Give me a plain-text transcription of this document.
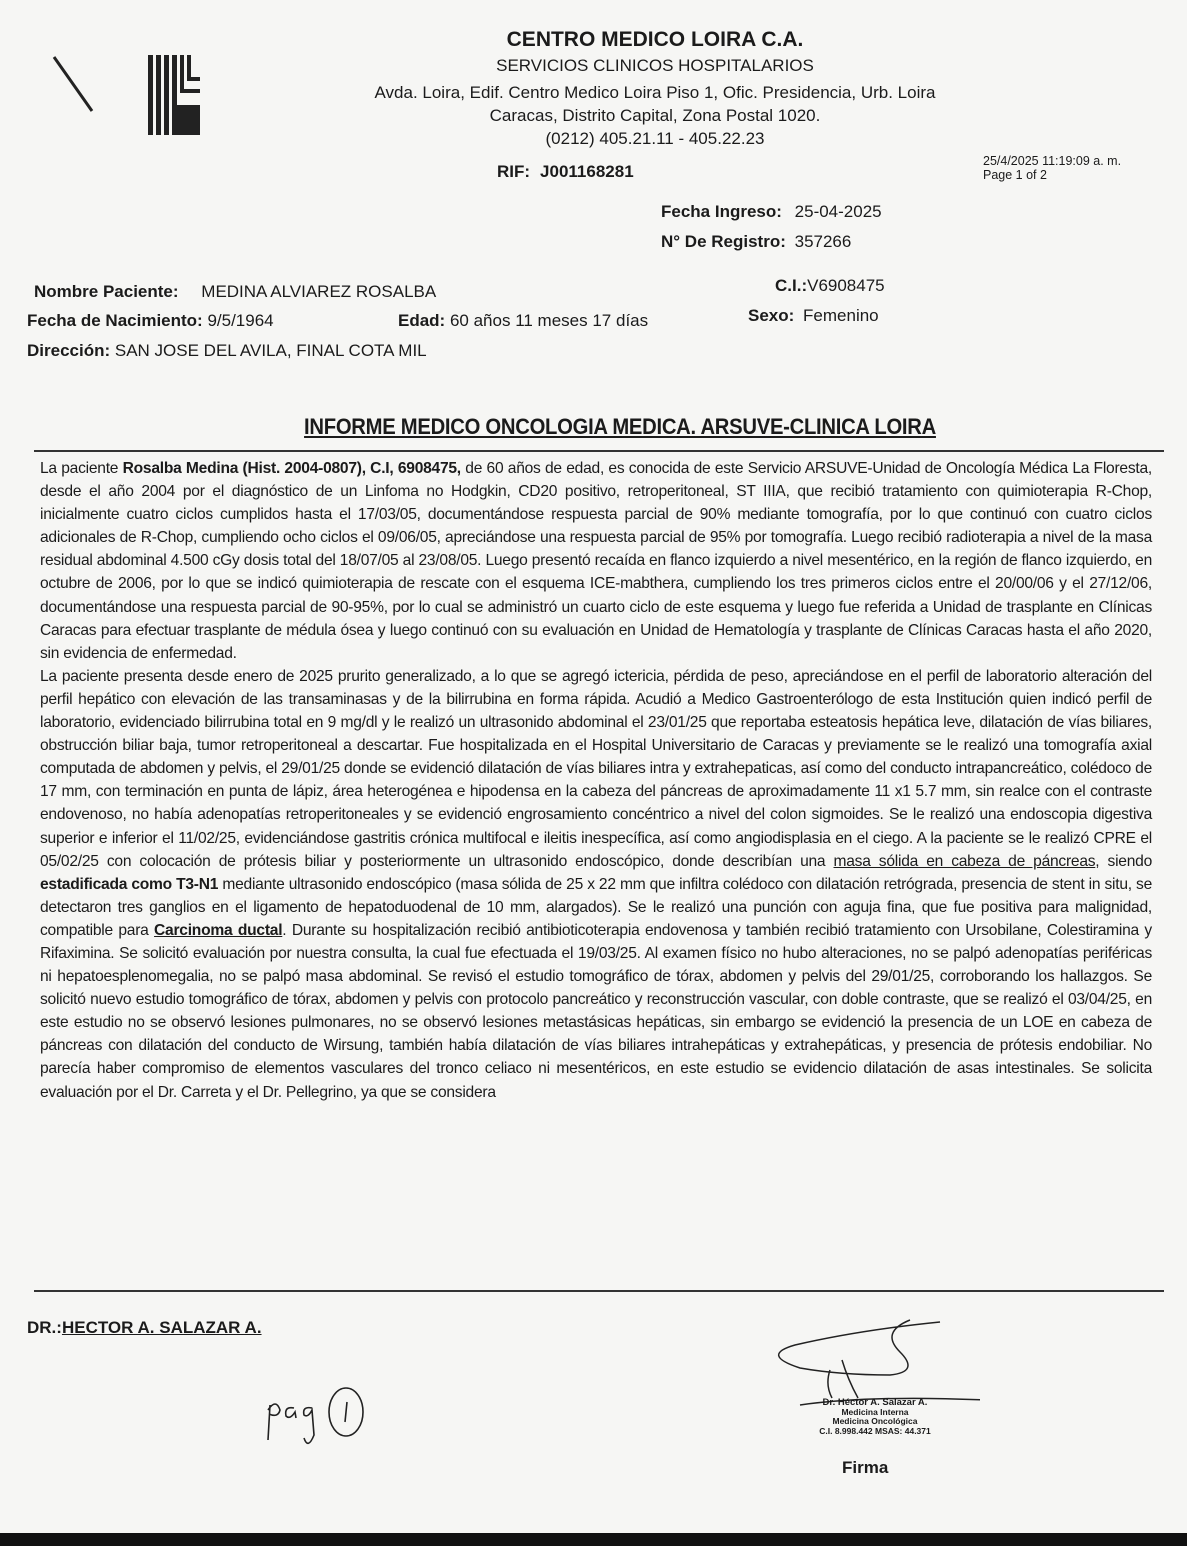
CENTRO MEDICO LOIRA C.A.
SERVICIOS CLINICOS HOSPITALARIOS
Avda. Loira, Edif. Centro Medico Loira Piso 1, Ofic. Presidencia, Urb. Loira
Caracas, Distrito Capital, Zona Postal 1020.
(0212) 405.21.11 - 405.22.23
RIF: J001168281
25/4/2025 11:19:09 a. m.
Page 1 of 2
Fecha Ingreso: 25-04-2025
N° De Registro: 357266
Nombre Paciente: MEDINA ALVIAREZ ROSALBA	C.I.:V6908475
Fecha de Nacimiento: 9/5/1964	Edad: 60 años 11 meses 17 días	Sexo: Femenino
Dirección: SAN JOSE DEL AVILA, FINAL COTA MIL
INFORME MEDICO ONCOLOGIA MEDICA. ARSUVE-CLINICA LOIRA

La paciente Rosalba Medina (Hist. 2004-0807), C.I, 6908475, de 60 años de edad, es conocida de este Servicio ARSUVE-Unidad de Oncología Médica La Floresta, desde el año 2004 por el diagnóstico de un Linfoma no Hodgkin, CD20 positivo, retroperitoneal, ST IIIA, que recibió tratamiento con quimioterapia R-Chop, inicialmente cuatro ciclos cumplidos hasta el 17/03/05, documentándose respuesta parcial de 90% mediante tomografía, por lo que continuó con cuatro ciclos adicionales de R-Chop, cumpliendo ocho ciclos el 09/06/05, apreciándose una respuesta parcial de 95% por tomografía. Luego recibió radioterapia a nivel de la masa residual abdominal 4.500 cGy dosis total del 18/07/05 al 23/08/05. Luego presentó recaída en flanco izquierdo a nivel mesentérico, en la región de flanco izquierdo, en octubre de 2006, por lo que se indicó quimioterapia de rescate con el esquema ICE-mabthera, cumpliendo los tres primeros ciclos entre el 20/00/06 y el 27/12/06, documentándose una respuesta parcial de 90-95%, por lo cual se administró un cuarto ciclo de este esquema y luego fue referida a Unidad de trasplante en Clínicas Caracas para efectuar trasplante de médula ósea y luego continuó con su evaluación en Unidad de Hematología y trasplante de Clínicas Caracas hasta el año 2020, sin evidencia de enfermedad.

La paciente presenta desde enero de 2025 prurito generalizado, a lo que se agregó ictericia, pérdida de peso, apreciándose en el perfil de laboratorio alteración del perfil hepático con elevación de las transaminasas y de la bilirrubina en forma rápida. Acudió a Medico Gastroenterólogo de esta Institución quien indicó perfil de laboratorio, evidenciado bilirrubina total en 9 mg/dl y le realizó un ultrasonido abdominal el 23/01/25 que reportaba esteatosis hepática leve, dilatación de vías biliares, obstrucción biliar baja, tumor retroperitoneal a descartar. Fue hospitalizada en el Hospital Universitario de Caracas y previamente se le realizó una tomografía axial computada de abdomen y pelvis, el 29/01/25 donde se evidenció dilatación de vías biliares intra y extrahepaticas, así como del conducto intrapancreático, colédoco de 17 mm, con terminación en punta de lápiz, área heterogénea e hipodensa en la cabeza del páncreas de aproximadamente 11 x1 5.7 mm, sin realce con el contraste endovenoso, no había adenopatías retroperitoneales y se evidenció engrosamiento concéntrico a nivel del colon sigmoides. Se le realizó una endoscopia digestiva superior e inferior el 11/02/25, evidenciándose gastritis crónica multifocal e ileitis inespecífica, así como angiodisplasia en el ciego. A la paciente se le realizó CPRE el 05/02/25 con colocación de prótesis biliar y posteriormente un ultrasonido endoscópico, donde describían una masa sólida en cabeza de páncreas, siendo estadificada como T3-N1 mediante ultrasonido endoscópico (masa sólida de 25 x 22 mm que infiltra colédoco con dilatación retrógrada, presencia de stent in situ, se detectaron tres ganglios en el ligamento de hepatoduodenal de 10 mm, alargados). Se le realizó una punción con aguja fina, que fue positiva para malignidad, compatible para Carcinoma ductal. Durante su hospitalización recibió antibioticoterapia endovenosa y también recibió tratamiento con Ursobilane, Colestiramina y Rifaximina. Se solicitó evaluación por nuestra consulta, la cual fue efectuada el 19/03/25. Al examen físico no hubo alteraciones, no se palpó adenopatías periféricas ni hepatoesplenomegalia, no se palpó masa abdominal. Se revisó el estudio tomográfico de tórax, abdomen y pelvis del 29/01/25, corroborando los hallazgos. Se solicitó nuevo estudio tomográfico de tórax, abdomen y pelvis con protocolo pancreático y reconstrucción vascular, con doble contraste, que se realizó el 03/04/25, en este estudio no se observó lesiones pulmonares, no se observó lesiones metastásicas hepáticas, sin embargo se evidenció la presencia de un LOE en cabeza de páncreas con dilatación del conducto de Wirsung, también había dilatación de vías biliares intrahepáticas y extrahepáticas, y presencia de prótesis endobiliar. No parecía haber compromiso de elementos vasculares del tronco celiaco ni mesentéricos, en este estudio se evidencio dilatación de asas intestinales. Se solicita evaluación por el Dr. Carreta y el Dr. Pellegrino, ya que se considera

DR.:HECTOR A. SALAZAR A.
Dr. Héctor A. Salazar A.
Medicina Interna
Medicina Oncológica
C.I. 8.998.442 MSAS: 44.371
Firma
